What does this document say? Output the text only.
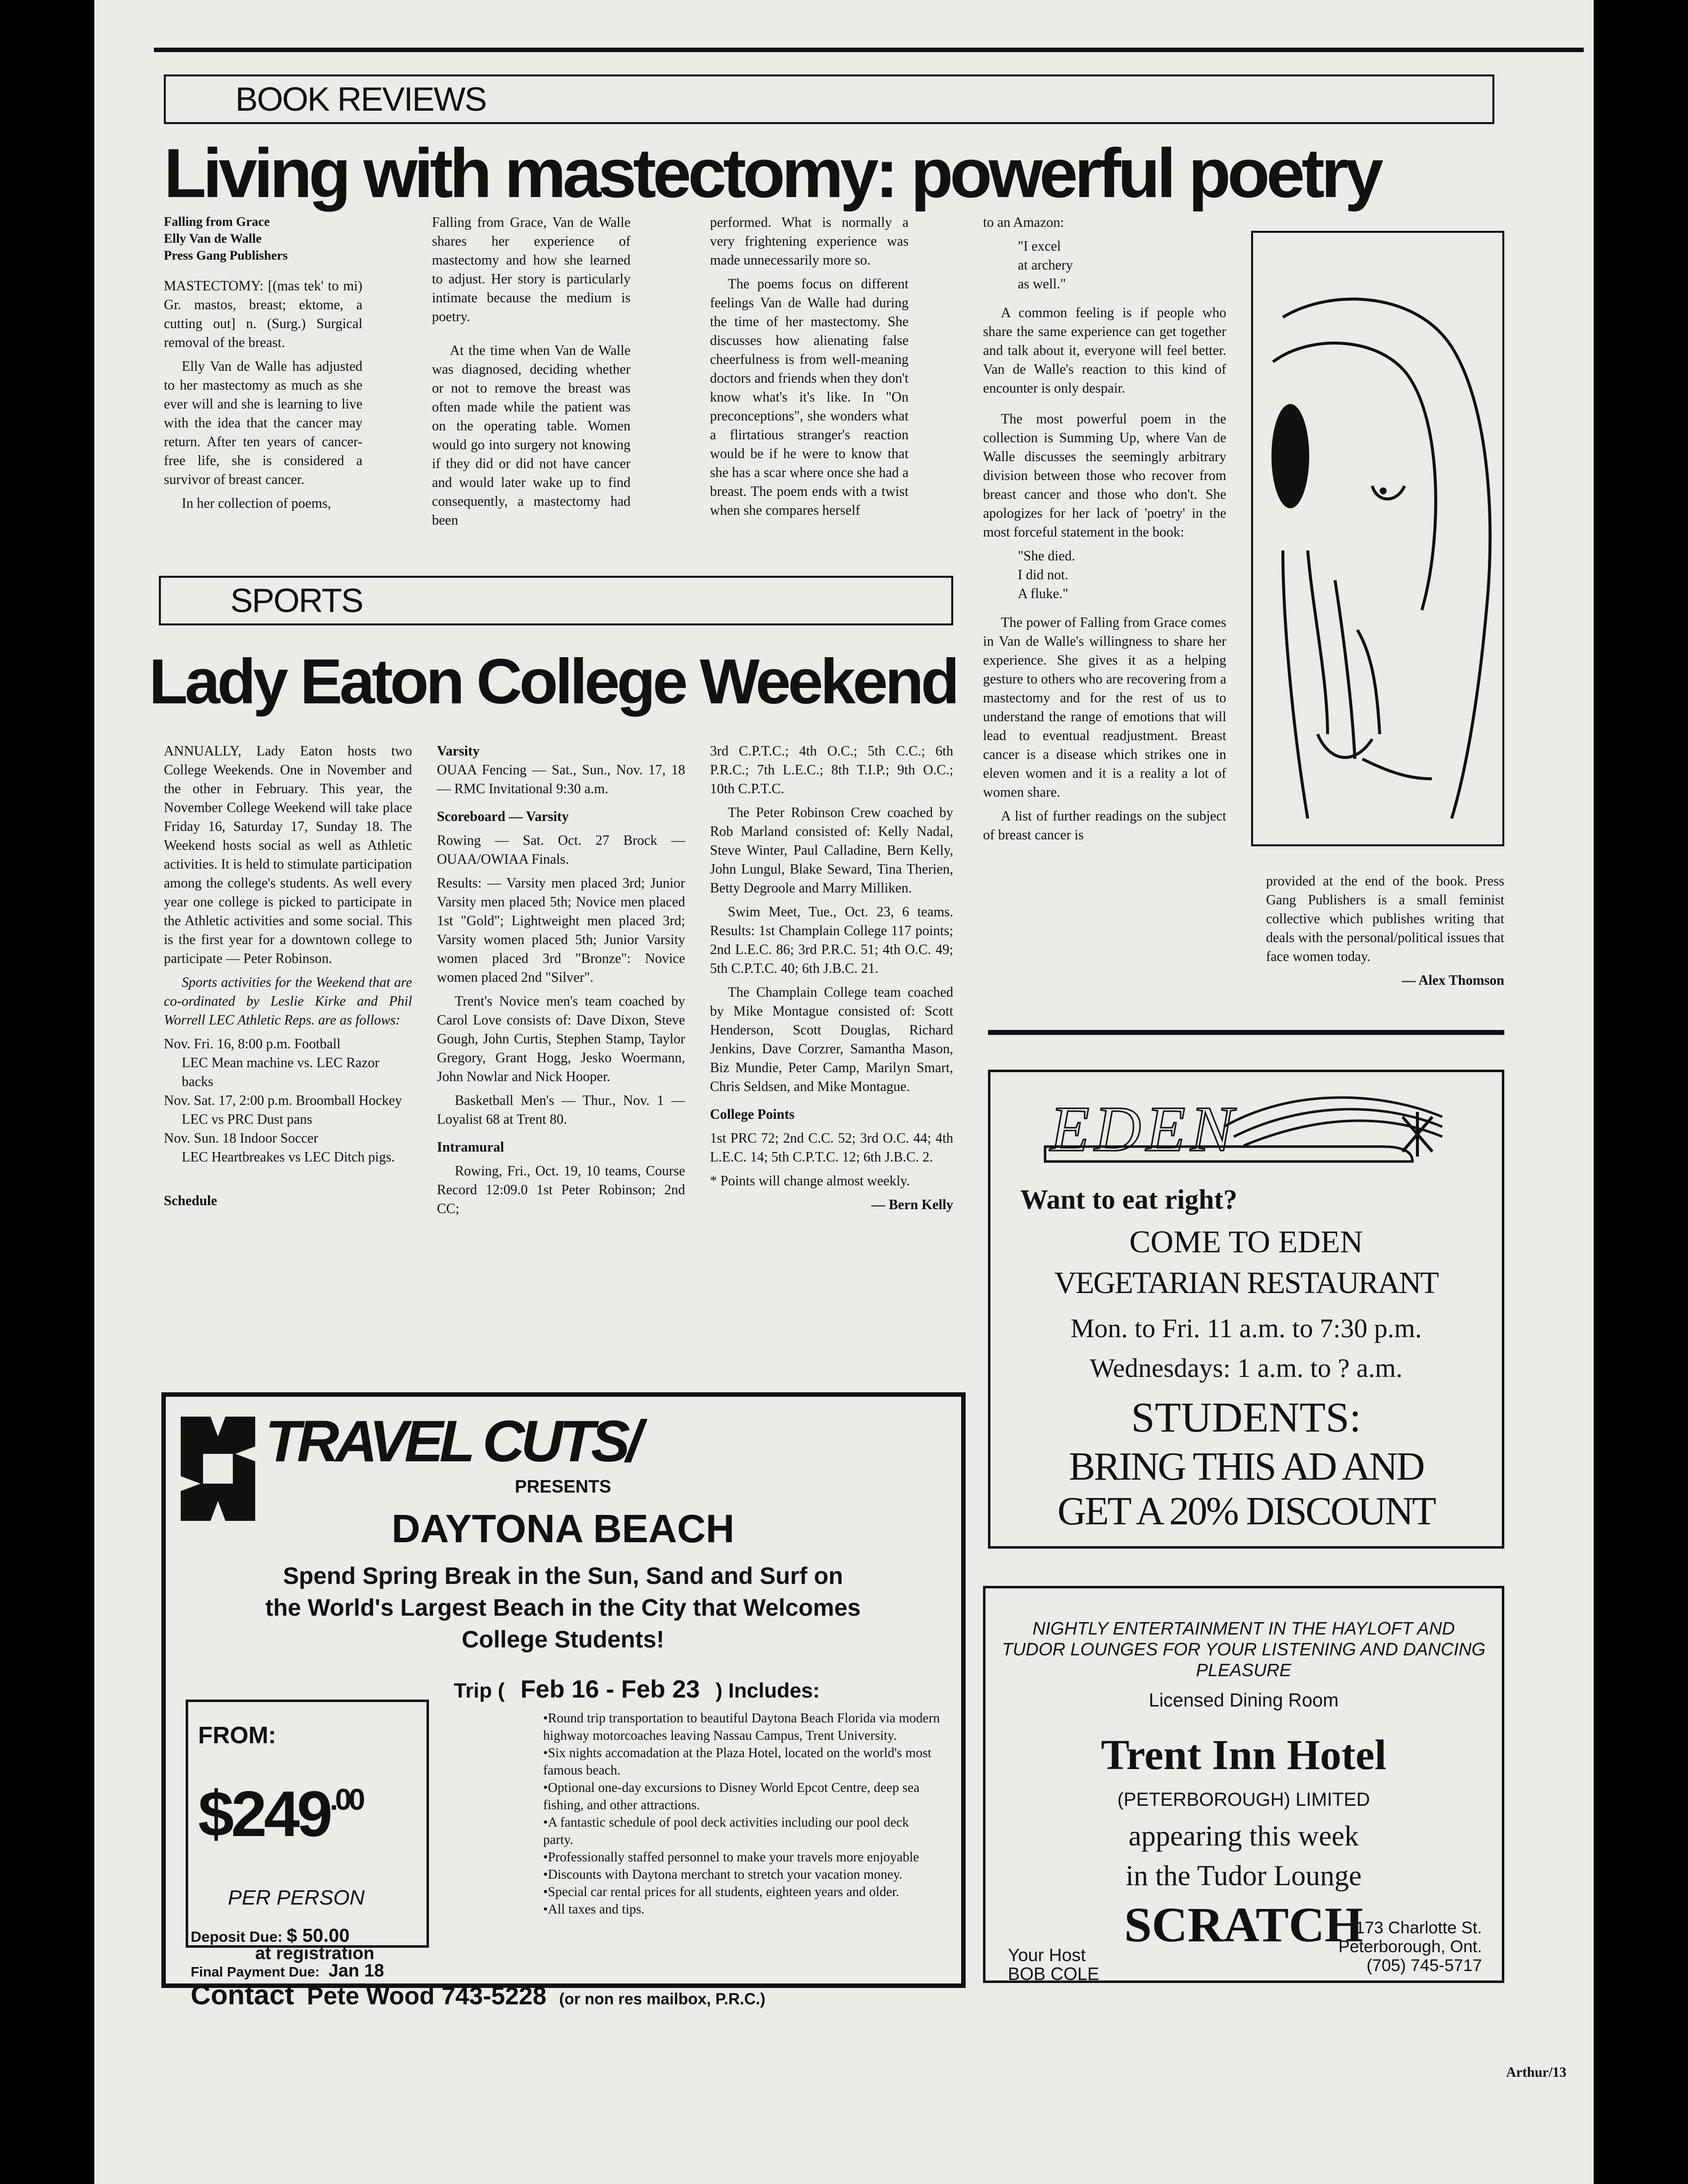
BOOK REVIEWS
Living with mastectomy: powerful poetry
Falling from Grace
Elly Van de Walle
Press Gang Publishers

MASTECTOMY: [(mas tek' to mi) Gr. mastos, breast; ektome, a cutting out] n. (Surg.) Surgical removal of the breast.

Elly Van de Walle has adjusted to her mastectomy as much as she ever will and she is learning to live with the idea that the cancer may return. After ten years of cancer-free life, she is considered a survivor of breast cancer.

In her collection of poems,

Falling from Grace, Van de Walle shares her experience of mastectomy and how she learned to adjust. Her story is particularly intimate because the medium is poetry.

At the time when Van de Walle was diagnosed, deciding whether or not to remove the breast was often made while the patient was on the operating table. Women would go into surgery not knowing if they did or did not have cancer and would later wake up to find consequently, a mastectomy had been

performed. What is normally a very frightening experience was made unnecessarily more so.

The poems focus on different feelings Van de Walle had during the time of her mastectomy. She discusses how alienating false cheerfulness is from well-meaning doctors and friends when they don't know what's it's like. In "On preconceptions", she wonders what a flirtatious stranger's reaction would be if he were to know that she has a scar where once she had a breast. The poem ends with a twist when she compares herself

to an Amazon:

"I excel
at archery
as well."

A common feeling is if people who share the same experience can get together and talk about it, everyone will feel better. Van de Walle's reaction to this kind of encounter is only despair.

The most powerful poem in the collection is Summing Up, where Van de Walle discusses the seemingly arbitrary division between those who recover from breast cancer and those who don't. She apologizes for her lack of 'poetry' in the most forceful statement in the book:

"She died.
I did not.
A fluke."

The power of Falling from Grace comes in Van de Walle's willingness to share her experience. She gives it as a helping gesture to others who are recovering from a mastectomy and for the rest of us to understand the range of emotions that will lead to eventual readjustment. Breast cancer is a disease which strikes one in eleven women and it is a reality a lot of women share.

A list of further readings on the subject of breast cancer is

provided at the end of the book. Press Gang Publishers is a small feminist collective which publishes writing that deals with the personal/political issues that face women today.

— Alex Thomson
SPORTS
Lady Eaton College Weekend

ANNUALLY, Lady Eaton hosts two College Weekends. One in November and the other in February. This year, the November College Weekend will take place Friday 16, Saturday 17, Sunday 18. The Weekend hosts social as well as Athletic activities. It is held to stimulate participation among the college's students. As well every year one college is picked to participate in the Athletic activities and some social. This is the first year for a downtown college to participate — Peter Robinson.

Sports activities for the Weekend that are co-ordinated by Leslie Kirke and Phil Worrell LEC Athletic Reps. are as follows:

Nov. Fri. 16, 8:00 p.m. Football
LEC Mean machine vs. LEC Razor backs
Nov. Sat. 17, 2:00 p.m. Broomball Hockey
LEC vs PRC Dust pans
Nov. Sun. 18 Indoor Soccer
LEC Heartbreakes vs LEC Ditch pigs.

Schedule

Varsity

OUAA Fencing — Sat., Sun., Nov. 17, 18 — RMC Invitational 9:30 a.m.

Scoreboard — Varsity

Rowing — Sat. Oct. 27 Brock — OUAA/OWIAA Finals.

Results: — Varsity men placed 3rd; Junior Varsity men placed 5th; Novice men placed 1st "Gold"; Lightweight men placed 3rd; Varsity women placed 5th; Junior Varsity women placed 3rd "Bronze": Novice women placed 2nd "Silver".

Trent's Novice men's team coached by Carol Love consists of: Dave Dixon, Steve Gough, John Curtis, Stephen Stamp, Taylor Gregory, Grant Hogg, Jesko Woermann, John Nowlar and Nick Hooper.

Basketball Men's — Thur., Nov. 1 — Loyalist 68 at Trent 80.

Intramural

Rowing, Fri., Oct. 19, 10 teams, Course Record 12:09.0 1st Peter Robinson; 2nd CC;

3rd C.P.T.C.; 4th O.C.; 5th C.C.; 6th P.R.C.; 7th L.E.C.; 8th T.I.P.; 9th O.C.; 10th C.P.T.C.

The Peter Robinson Crew coached by Rob Marland consisted of: Kelly Nadal, Steve Winter, Paul Calladine, Bern Kelly, John Lungul, Blake Seward, Tina Therien, Betty Degroole and Marry Milliken.

Swim Meet, Tue., Oct. 23, 6 teams. Results: 1st Champlain College 117 points; 2nd L.E.C. 86; 3rd P.R.C. 51; 4th O.C. 49; 5th C.P.T.C. 40; 6th J.B.C. 21.

The Champlain College team coached by Mike Montague consisted of: Scott Henderson, Scott Douglas, Richard Jenkins, Dave Corzrer, Samantha Mason, Biz Mundie, Peter Camp, Marilyn Smart, Chris Seldsen, and Mike Montague.

College Points

1st PRC 72; 2nd C.C. 52; 3rd O.C. 44; 4th L.E.C. 14; 5th C.P.T.C. 12; 6th J.B.C. 2.

* Points will change almost weekly.

— Bern Kelly
TRAVEL CUTS/
PRESENTS
DAYTONA BEACH
Spend Spring Break in the Sun, Sand and Surf on the World's Largest Beach in the City that Welcomes College Students!
Trip ( Feb 16 - Feb 23 ) Includes:
•Round trip transportation to beautiful Daytona Beach Florida via modern highway motorcoaches leaving Nassau Campus, Trent University.
•Six nights accomadation at the Plaza Hotel, located on the world's most famous beach.
•Optional one-day excursions to Disney World Epcot Centre, deep sea fishing, and other attractions.
•A fantastic schedule of pool deck activities including our pool deck party.
•Professionally staffed personnel to make your travels more enjoyable
•Discounts with Daytona merchant to stretch your vacation money.
•Special car rental prices for all students, eighteen years and older.
•All taxes and tips.
FROM:
$\$249^{.00}$
PER PERSON
Deposit Due: $ 50.00
at registration
Final Payment Due: Jan 18
Contact Pete Wood 743-5228 (or non res mailbox, P.R.C.)
EDEN
Want to eat right?
COME TO EDEN
VEGETARIAN RESTAURANT
Mon. to Fri. 11 a.m. to 7:30 p.m.
Wednesdays: 1 a.m. to ? a.m.
STUDENTS:
BRING THIS AD AND
GET A 20% DISCOUNT
NIGHTLY ENTERTAINMENT IN THE HAYLOFT AND TUDOR LOUNGES FOR YOUR LISTENING AND DANCING PLEASURE
Licensed Dining Room
Trent Inn Hotel
(PETERBOROUGH) LIMITED
appearing this week
in the Tudor Lounge
SCRATCH
Your Host
BOB COLE
173 Charlotte St.
Peterborough, Ont.
(705) 745-5717
Arthur/13
